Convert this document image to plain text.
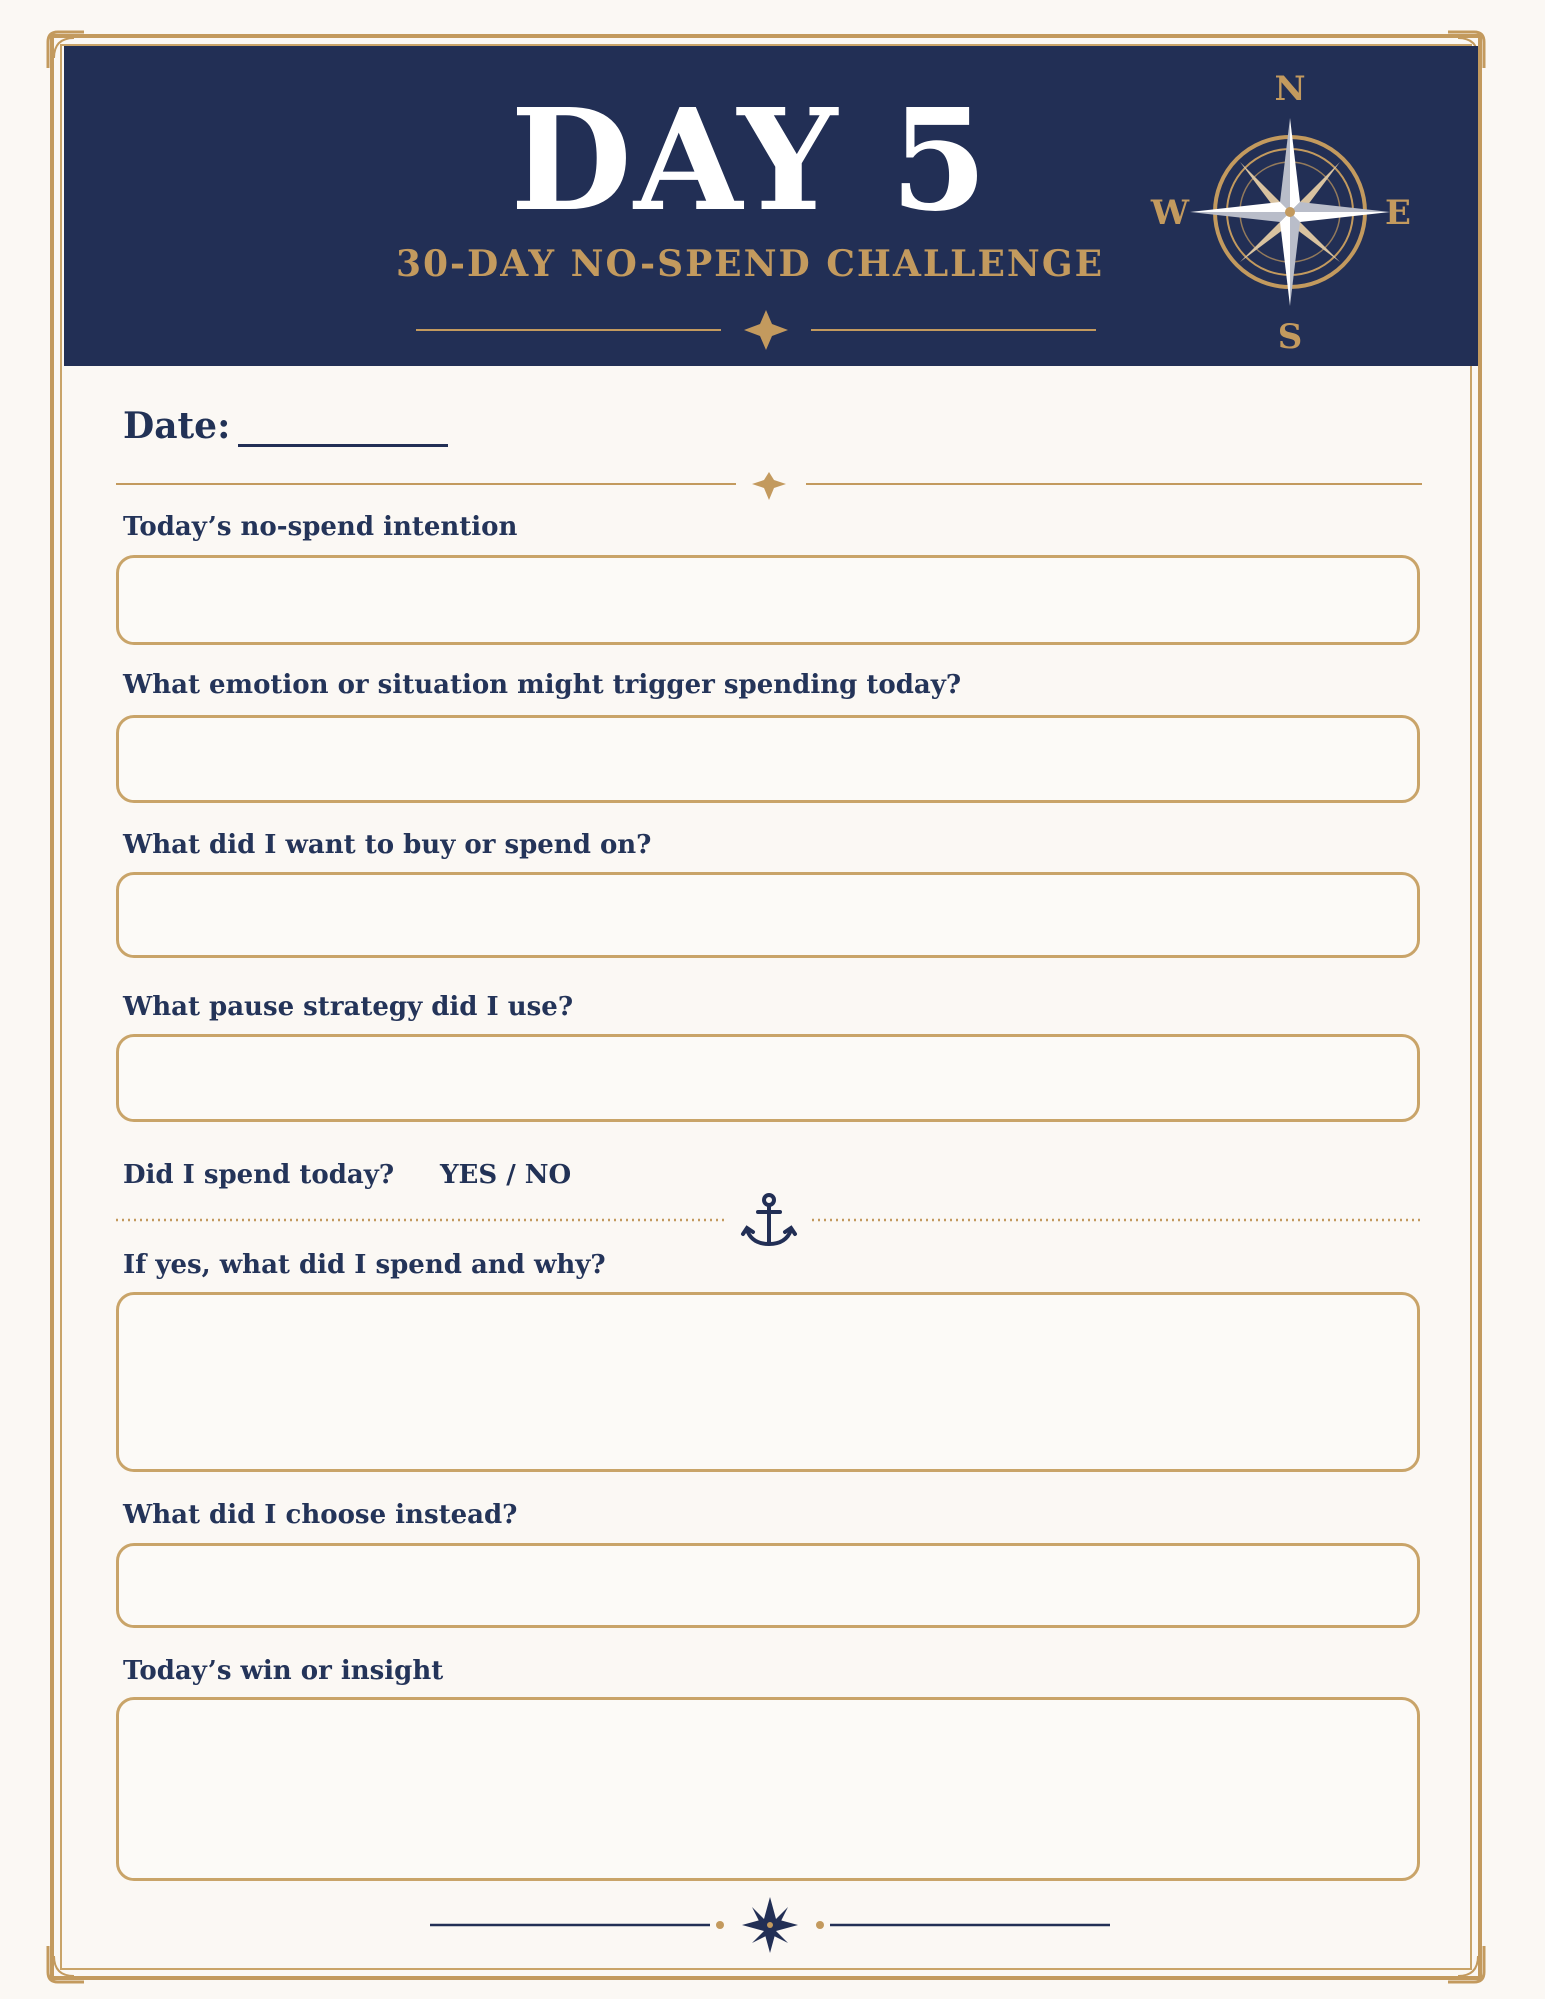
DAY 5
30-DAY NO-SPEND CHALLENGE
N
S
W	E
Date:
Today’s no-spend intention
What emotion or situation might trigger spending today?
What did I want to buy or spend on?
What pause strategy did I use?
Did I spend today? YES / NO
If yes, what did I spend and why?
What did I choose instead?
Today’s win or insight
